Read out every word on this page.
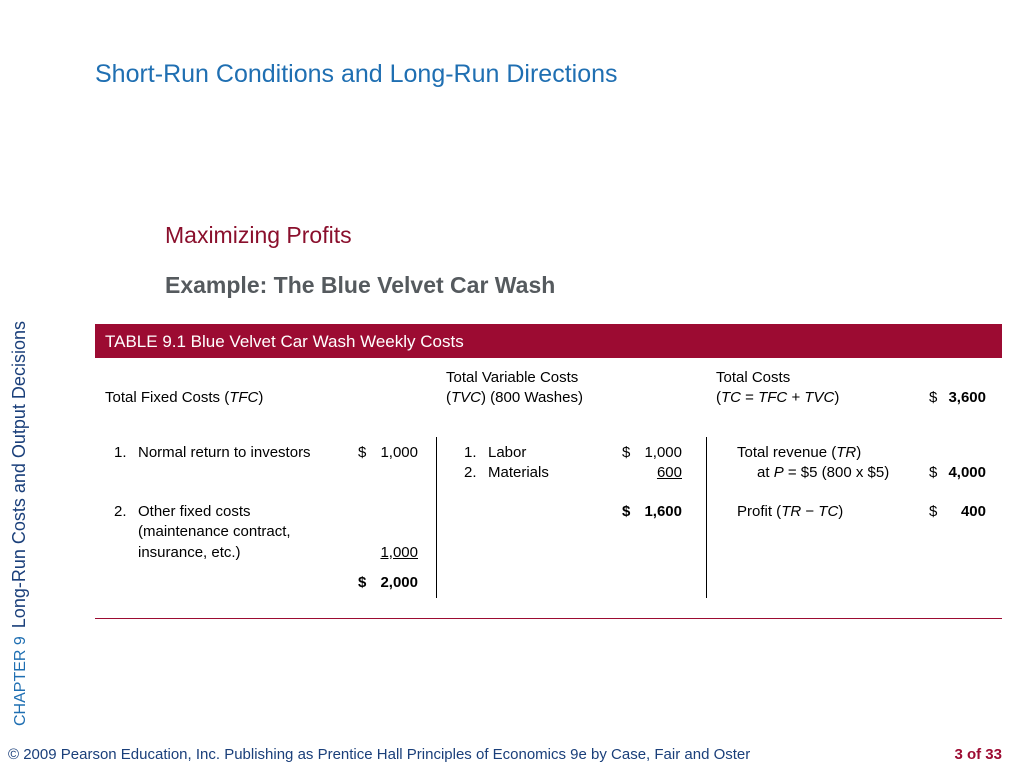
Short-Run Conditions and Long-Run Directions
CHAPTER 9Long-Run Costs and Output Decisions
Maximizing Profits
Example: The Blue Velvet Car Wash
TABLE 9.1 Blue Velvet Car Wash Weekly Costs
Total Fixed Costs (TFC)
Total Variable Costs
(TVC) (800 Washes)
Total Costs
(TC = TFC + TVC)	$ 3,600
1. Normal return to investors	$ 1,000
2. Other fixed costs
(maintenance contract,
insurance, etc.)	1,000
$ 2,000
1. Labor	$ 1,000
2. Materials	600
$ 1,600
Total revenue (TR)
at P = $5 (800 x $5)	$ 4,000
Profit (TR − TC)	$	400
© 2009 Pearson Education, Inc. Publishing as Prentice Hall Principles of Economics 9e by Case, Fair and Oster	3 of 33
